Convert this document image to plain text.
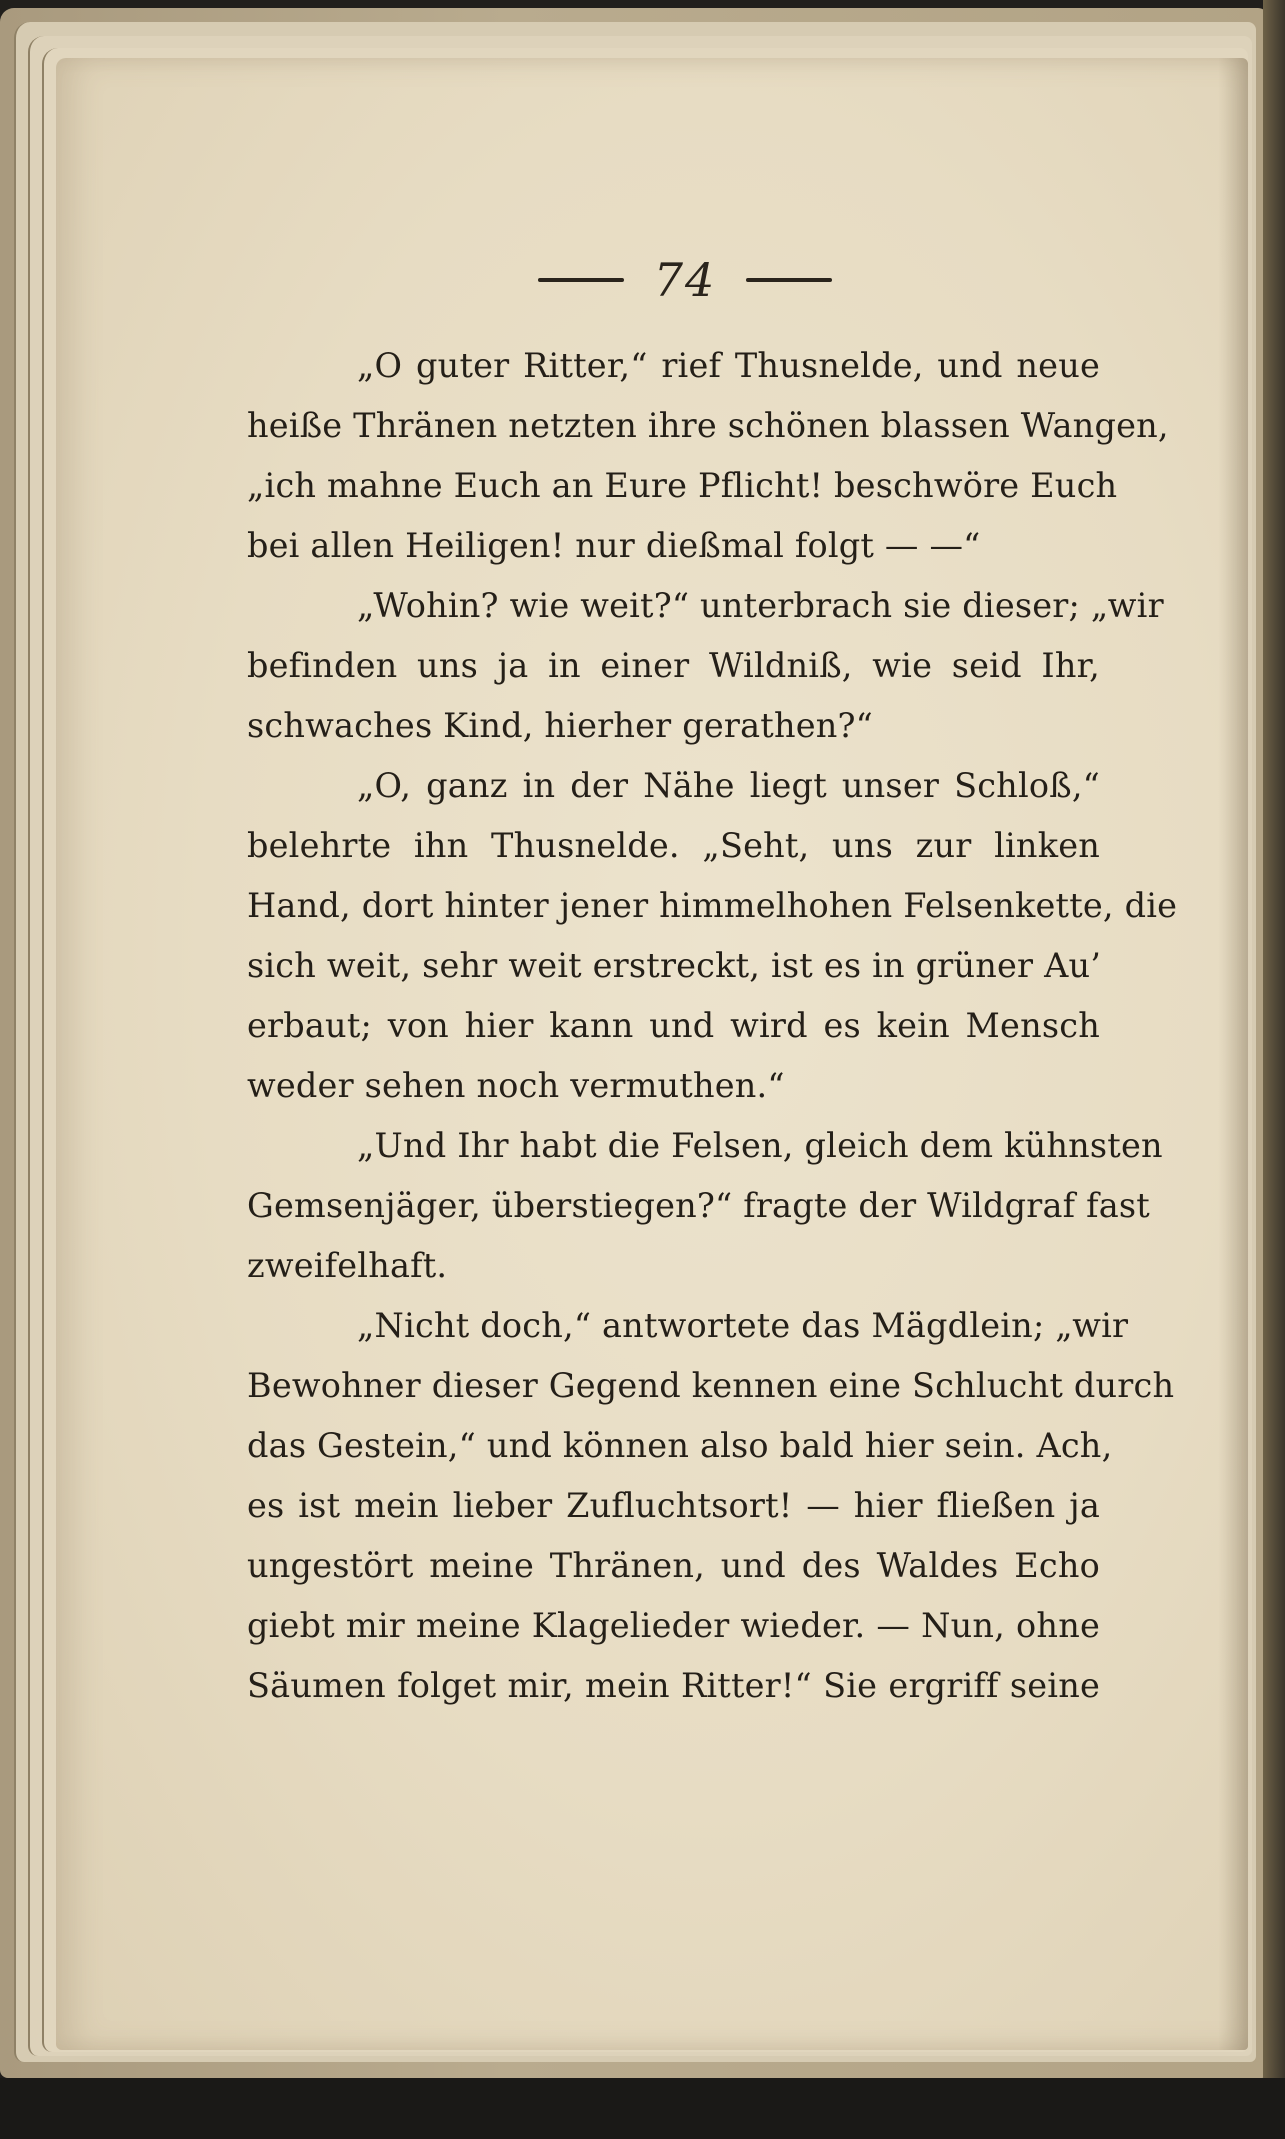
74
„O guter Ritter,“ rief Thusnelde, und neue
heiße Thränen netzten ihre schönen blassen Wangen,
„ich mahne Euch an Eure Pflicht! beschwöre Euch
bei allen Heiligen! nur dießmal folgt — —“
„Wohin? wie weit?“ unterbrach sie dieser; „wir
befinden uns ja in einer Wildniß, wie seid Ihr,
schwaches Kind, hierher gerathen?“
„O, ganz in der Nähe liegt unser Schloß,“
belehrte ihn Thusnelde. „Seht, uns zur linken
Hand, dort hinter jener himmelhohen Felsenkette, die
sich weit, sehr weit erstreckt, ist es in grüner Au’
erbaut; von hier kann und wird es kein Mensch
weder sehen noch vermuthen.“
„Und Ihr habt die Felsen, gleich dem kühnsten
Gemsenjäger, überstiegen?“ fragte der Wildgraf fast
zweifelhaft.
„Nicht doch,“ antwortete das Mägdlein; „wir
Bewohner dieser Gegend kennen eine Schlucht durch
das Gestein,“ und können also bald hier sein. Ach,
es ist mein lieber Zufluchtsort! — hier fließen ja
ungestört meine Thränen, und des Waldes Echo
giebt mir meine Klagelieder wieder. — Nun, ohne
Säumen folget mir, mein Ritter!“ Sie ergriff seine
